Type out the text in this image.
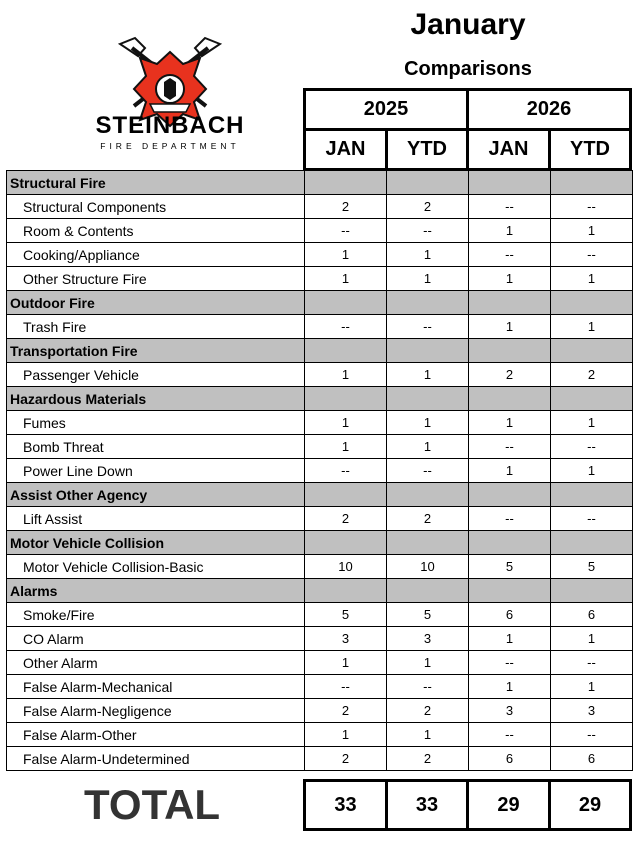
January
Comparisons
STEINBACH
FIRE DEPARTMENT
2025	2026
JAN	YTD	JAN	YTD
Structural Fire				
Structural Components	2	2	--	--
Room & Contents	--	--	1	1
Cooking/Appliance	1	1	--	--
Other Structure Fire	1	1	1	1
Outdoor Fire				
Trash Fire	--	--	1	1
Transportation Fire				
Passenger Vehicle	1	1	2	2
Hazardous Materials				
Fumes	1	1	1	1
Bomb Threat	1	1	--	--
Power Line Down	--	--	1	1
Assist Other Agency				
Lift Assist	2	2	--	--
Motor Vehicle Collision				
Motor Vehicle Collision-Basic	10	10	5	5
Alarms				
Smoke/Fire	5	5	6	6
CO Alarm	3	3	1	1
Other Alarm	1	1	--	--
False Alarm-Mechanical	--	--	1	1
False Alarm-Negligence	2	2	3	3
False Alarm-Other	1	1	--	--
False Alarm-Undetermined	2	2	6	6
TOTAL	33	33	29	29
